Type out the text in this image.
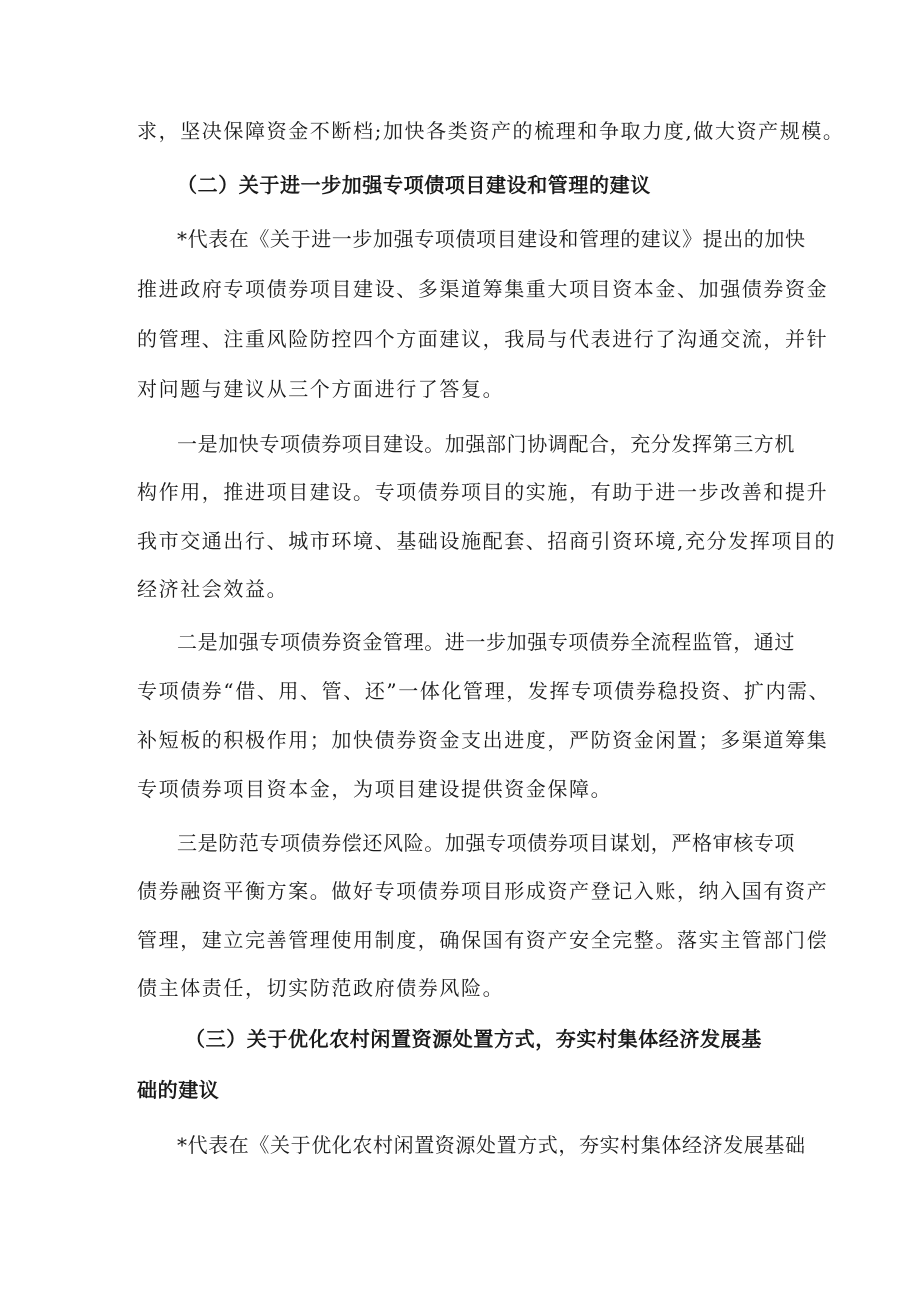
求，坚决保障资金不断档;加快各类资产的梳理和争取力度,做大资产规模。
（二）关于进一步加强专项债项目建设和管理的建议
*代表在《关于进一步加强专项债项目建设和管理的建议》提出的加快
推进政府专项债券项目建设、多渠道筹集重大项目资本金、加强债券资金
的管理、注重风险防控四个方面建议，我局与代表进行了沟通交流，并针
对问题与建议从三个方面进行了答复。
一是加快专项债券项目建设。加强部门协调配合，充分发挥第三方机
构作用，推进项目建设。专项债券项目的实施，有助于进一步改善和提升
我市交通出行、城市环境、基础设施配套、招商引资环境,充分发挥项目的
经济社会效益。
二是加强专项债券资金管理。进一步加强专项债券全流程监管，通过
专项债券“借、用、管、还”一体化管理，发挥专项债券稳投资、扩内需、
补短板的积极作用；加快债券资金支出进度，严防资金闲置；多渠道筹集
专项债券项目资本金，为项目建设提供资金保障。
三是防范专项债券偿还风险。加强专项债券项目谋划，严格审核专项
债券融资平衡方案。做好专项债券项目形成资产登记入账，纳入国有资产
管理，建立完善管理使用制度，确保国有资产安全完整。落实主管部门偿
债主体责任，切实防范政府债券风险。
（三）关于优化农村闲置资源处置方式，夯实村集体经济发展基
础的建议
*代表在《关于优化农村闲置资源处置方式，夯实村集体经济发展基础
